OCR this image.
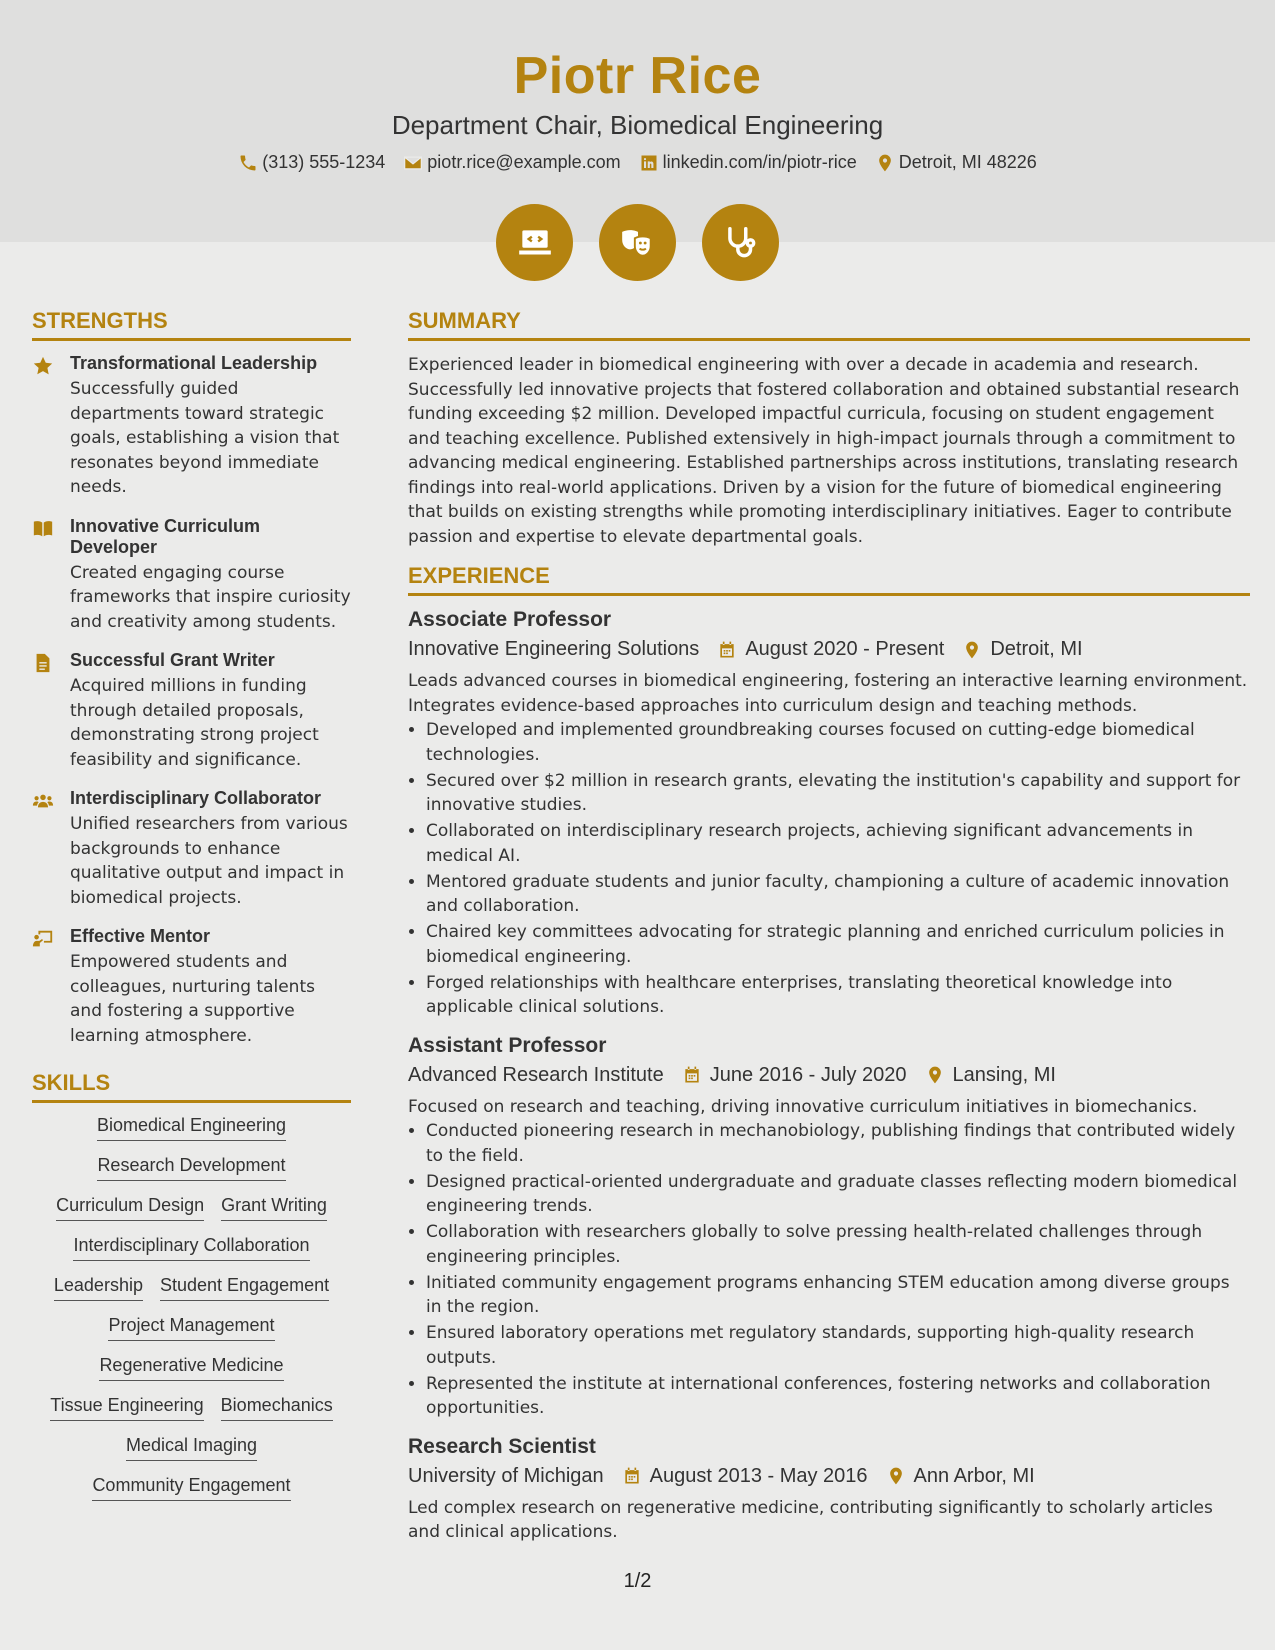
Piotr Rice
Department Chair, Biomedical Engineering
(313) 555-1234 piotr.rice@example.com linkedin.com/in/piotr-rice Detroit, MI 48226
STRENGTHS
Transformational Leadership
Successfully guided departments toward strategic goals, establishing a vision that resonates beyond immediate needs.
Innovative Curriculum Developer
Created engaging course frameworks that inspire curiosity and creativity among students.
Successful Grant Writer
Acquired millions in funding through detailed proposals, demonstrating strong project feasibility and significance.
Interdisciplinary Collaborator
Unified researchers from various backgrounds to enhance qualitative output and impact in biomedical projects.
Effective Mentor
Empowered students and colleagues, nurturing talents and fostering a supportive learning atmosphere.
SKILLS
Biomedical Engineering
Research Development
Curriculum Design Grant Writing
Interdisciplinary Collaboration
Leadership Student Engagement
Project Management
Regenerative Medicine
Tissue Engineering Biomechanics
Medical Imaging
Community Engagement
SUMMARY

Experienced leader in biomedical engineering with over a decade in academia and research. Successfully led innovative projects that fostered collaboration and obtained substantial research funding exceeding $2 million. Developed impactful curricula, focusing on student engagement and teaching excellence. Published extensively in high-impact journals through a commitment to advancing medical engineering. Established partnerships across institutions, translating research findings into real-world applications. Driven by a vision for the future of biomedical engineering that builds on existing strengths while promoting interdisciplinary initiatives. Eager to contribute passion and expertise to elevate departmental goals.

EXPERIENCE
Associate Professor
Innovative Engineering Solutions August 2020 - Present Detroit, MI

Leads advanced courses in biomedical engineering, fostering an interactive learning environment. Integrates evidence-based approaches into curriculum design and teaching methods.

• Developed and implemented groundbreaking courses focused on cutting-edge biomedical technologies.
• Secured over $2 million in research grants, elevating the institution's capability and support for innovative studies.
• Collaborated on interdisciplinary research projects, achieving significant advancements in medical AI.
• Mentored graduate students and junior faculty, championing a culture of academic innovation and collaboration.
• Chaired key committees advocating for strategic planning and enriched curriculum policies in biomedical engineering.
• Forged relationships with healthcare enterprises, translating theoretical knowledge into applicable clinical solutions.
Assistant Professor
Advanced Research Institute June 2016 - July 2020 Lansing, MI

Focused on research and teaching, driving innovative curriculum initiatives in biomechanics.

• Conducted pioneering research in mechanobiology, publishing findings that contributed widely to the field.
• Designed practical-oriented undergraduate and graduate classes reflecting modern biomedical engineering trends.
• Collaboration with researchers globally to solve pressing health-related challenges through engineering principles.
• Initiated community engagement programs enhancing STEM education among diverse groups in the region.
• Ensured laboratory operations met regulatory standards, supporting high-quality research outputs.
• Represented the institute at international conferences, fostering networks and collaboration opportunities.
Research Scientist
University of Michigan August 2013 - May 2016 Ann Arbor, MI

Led complex research on regenerative medicine, contributing significantly to scholarly articles and clinical applications.

1/2
